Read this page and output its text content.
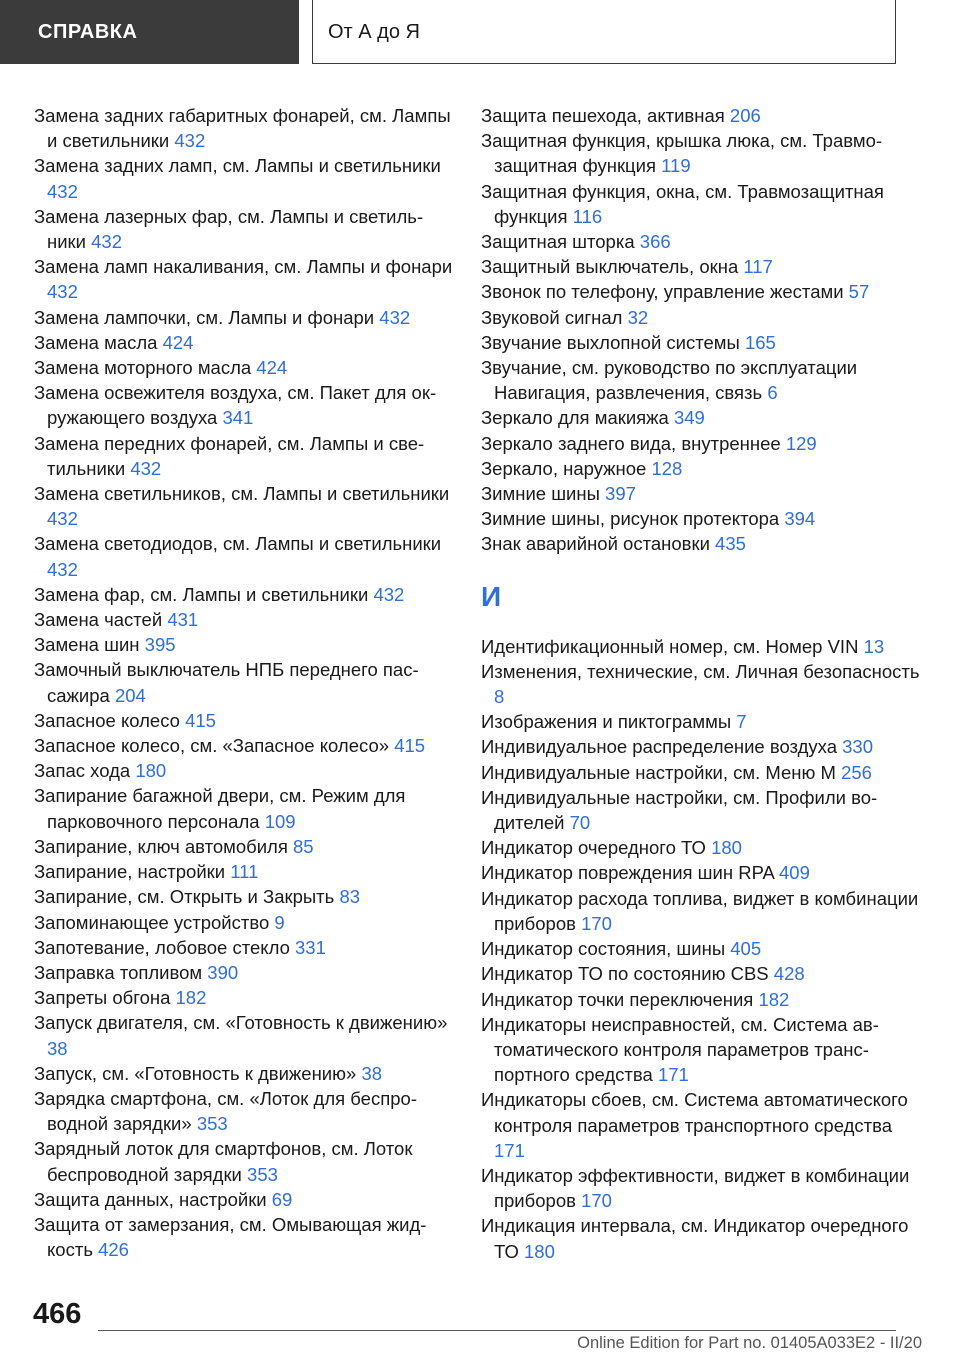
СПРАВКА	От А до Я

Замена задних габаритных фонарей, см. Лампы и светильники 432

Замена задних ламп, см. Лампы и светильники 432

Замена лазерных фар, см. Лампы и светильники 432

Замена ламп накаливания, см. Лампы и фонари 432

Замена лампочки, см. Лампы и фонари 432

Замена масла 424

Замена моторного масла 424

Замена освежителя воздуха, см. Пакет для окружающего воздуха 341

Замена передних фонарей, см. Лампы и светильники 432

Замена светильников, см. Лампы и светильники 432

Замена светодиодов, см. Лампы и светильники 432

Замена фар, см. Лампы и светильники 432

Замена частей 431

Замена шин 395

Замочный выключатель НПБ переднего пассажира 204

Запасное колесо 415

Запасное колесо, см. «Запасное колесо» 415

Запас хода 180

Запирание багажной двери, см. Режим для парковочного персонала 109

Запирание, ключ автомобиля 85

Запирание, настройки 111

Запирание, см. Открыть и Закрыть 83

Запоминающее устройство 9

Запотевание, лобовое стекло 331

Заправка топливом 390

Запреты обгона 182

Запуск двигателя, см. «Готовность к движению» 38

Запуск, см. «Готовность к движению» 38

Зарядка смартфона, см. «Лоток для беспроводной зарядки» 353

Зарядный лоток для смартфонов, см. Лоток беспроводной зарядки 353

Защита данных, настройки 69

Защита от замерзания, см. Омывающая жидкость 426

Защита пешехода, активная 206

Защитная функция, крышка люка, см. Травмозащитная функция 119

Защитная функция, окна, см. Травмозащитная функция 116

Защитная шторка 366

Защитный выключатель, окна 117

Звонок по телефону, управление жестами 57

Звуковой сигнал 32

Звучание выхлопной системы 165

Звучание, см. руководство по эксплуатации Навигация, развлечения, связь 6

Зеркало для макияжа 349

Зеркало заднего вида, внутреннее 129

Зеркало, наружное 128

Зимние шины 397

Зимние шины, рисунок протектора 394

Знак аварийной остановки 435

И

Идентификационный номер, см. Номер VIN 13

Изменения, технические, см. Личная безопасность 8

Изображения и пиктограммы 7

Индивидуальное распределение воздуха 330

Индивидуальные настройки, см. Меню M 256

Индивидуальные настройки, см. Профили водителей 70

Индикатор очередного ТО 180

Индикатор повреждения шин RPA 409

Индикатор расхода топлива, виджет в комбинации приборов 170

Индикатор состояния, шины 405

Индикатор ТО по состоянию CBS 428

Индикатор точки переключения 182

Индикаторы неисправностей, см. Система автоматического контроля параметров транспортного средства 171

Индикаторы сбоев, см. Система автоматического контроля параметров транспортного средства 171

Индикатор эффективности, виджет в комбинации приборов 170

Индикация интервала, см. Индикатор очередного ТО 180

466
Online Edition for Part no. 01405A033E2 - II/20
